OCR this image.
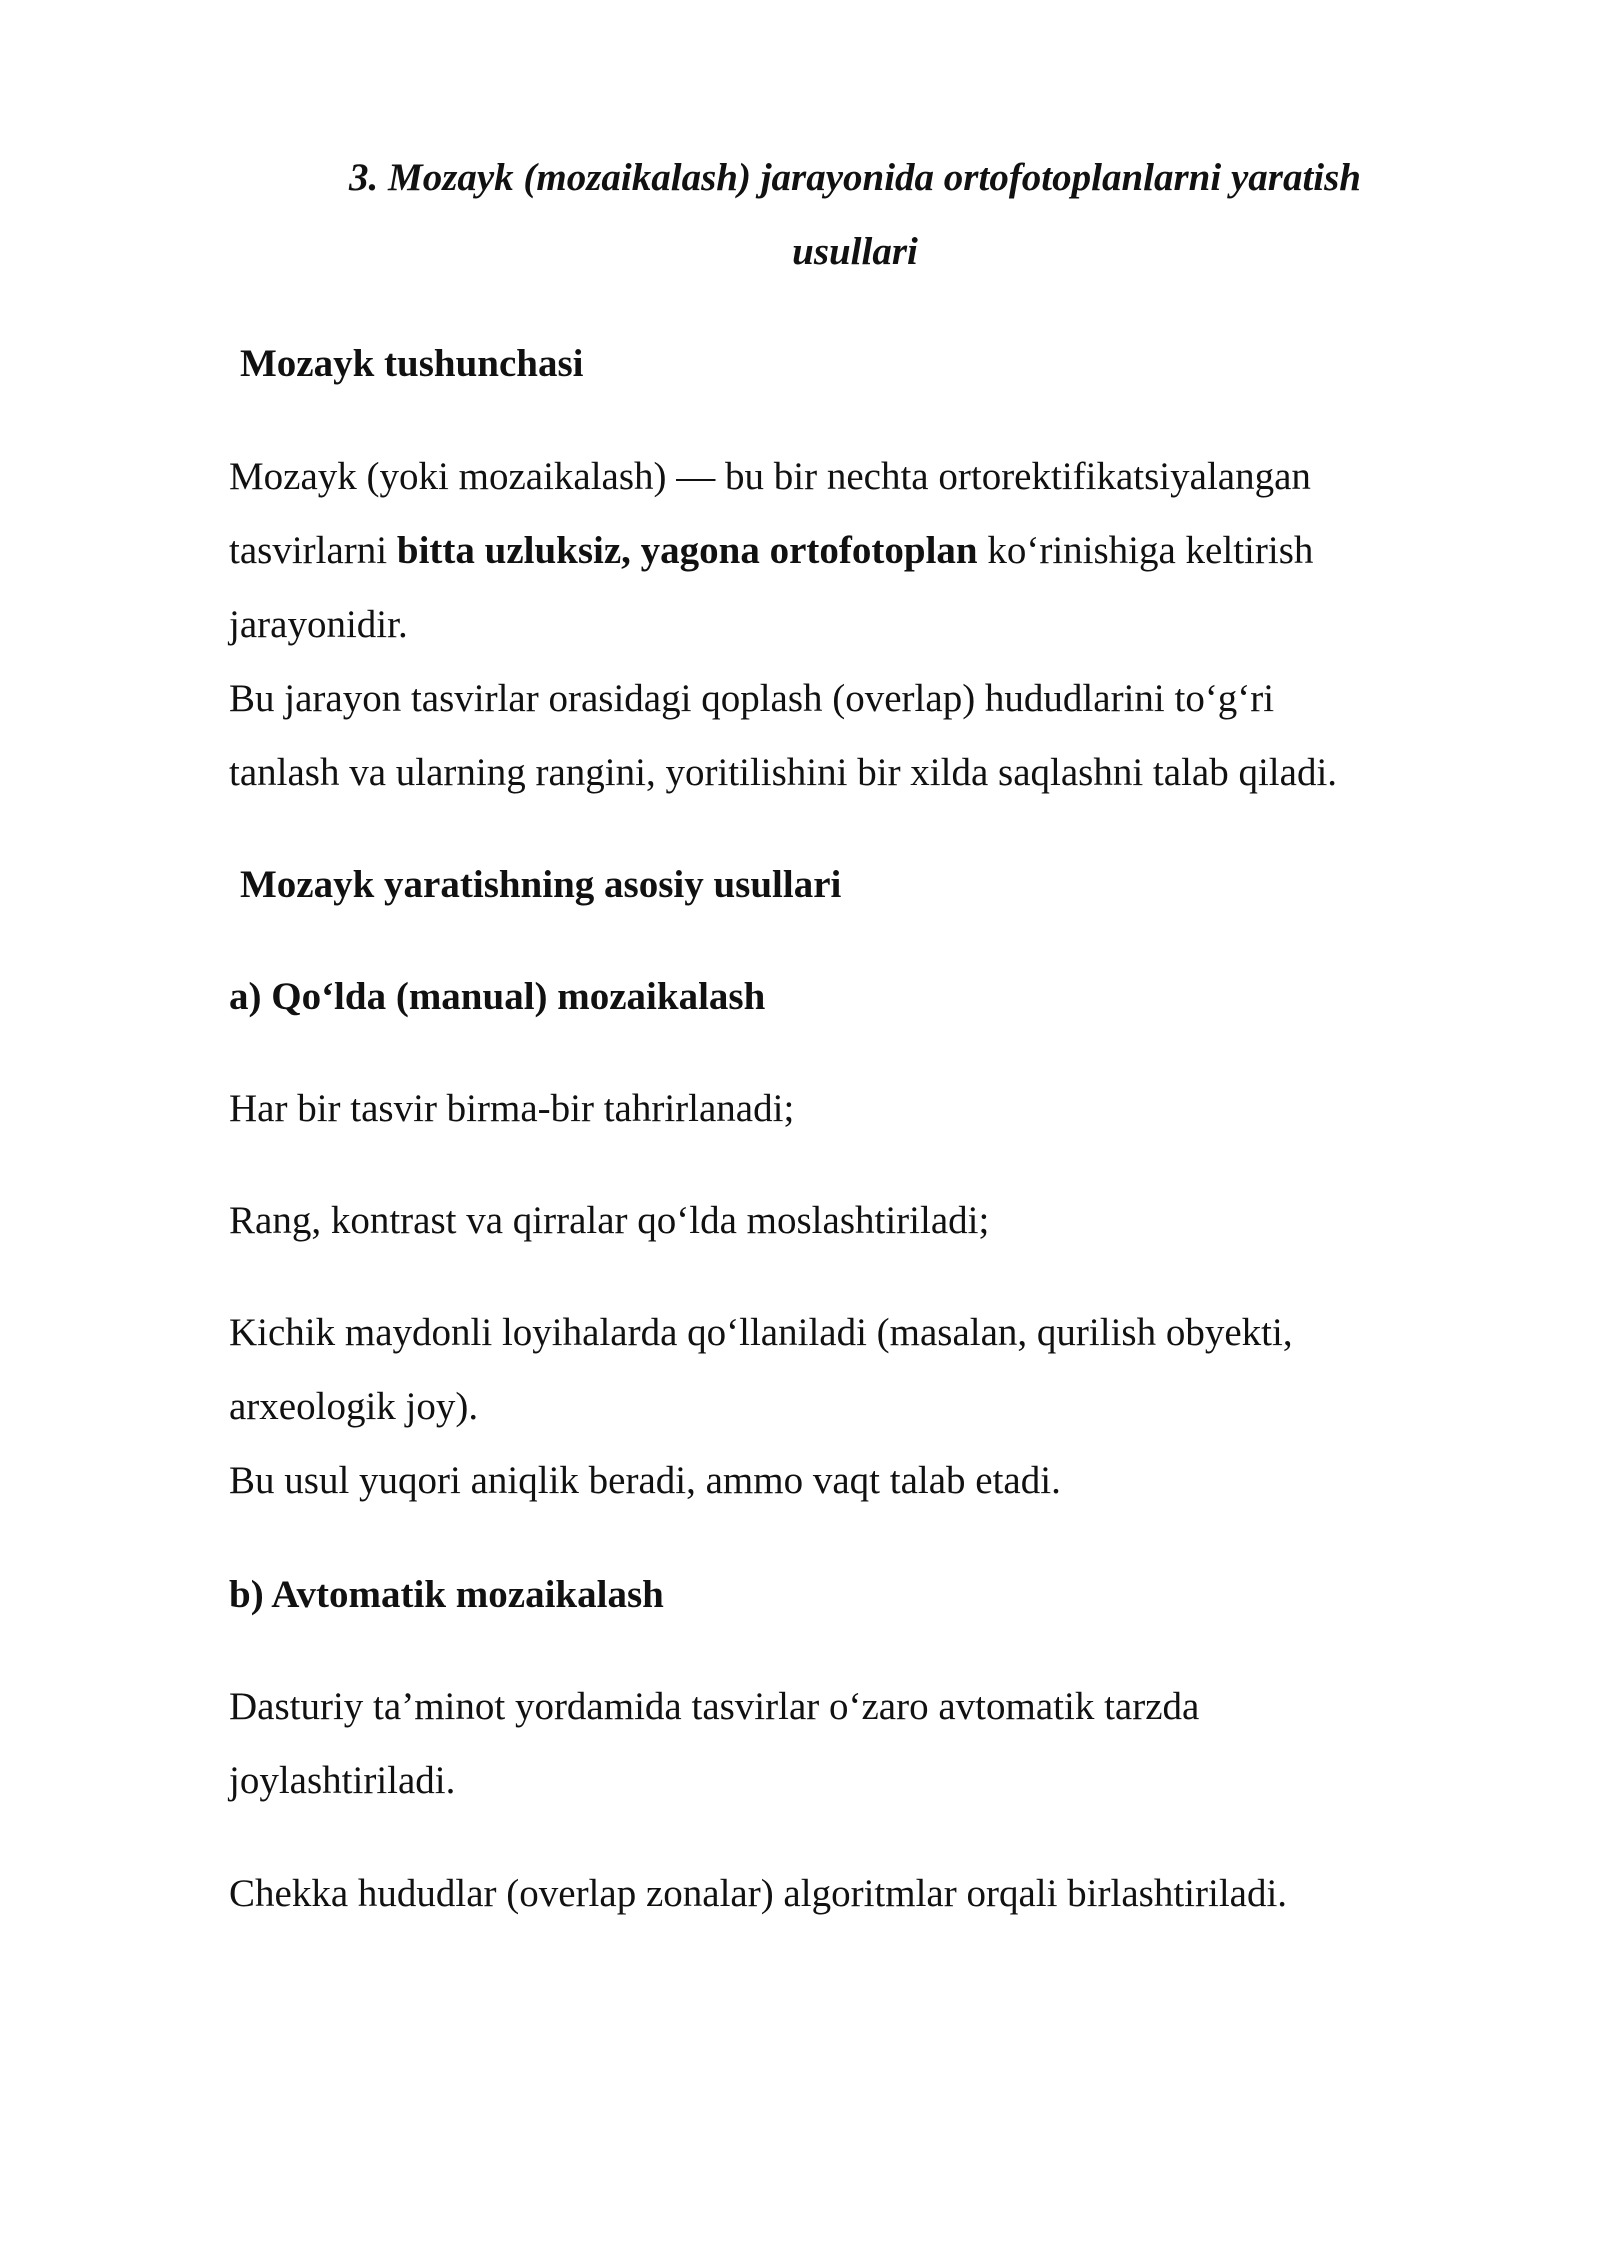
3. Mozayk (mozaikalash) jarayonida ortofotoplanlarni yaratish
usullari
Mozayk tushunchasi

Mozayk (yoki mozaikalash) — bu bir nechta ortorektifikatsiyalangan
tasvirlarni bitta uzluksiz, yagona ortofotoplan ko‘rinishiga keltirish
jarayonidir.
Bu jarayon tasvirlar orasidagi qoplash (overlap) hududlarini to‘g‘ri
tanlash va ularning rangini, yoritilishini bir xilda saqlashni talab qiladi.

Mozayk yaratishning asosiy usullari
a) Qo‘lda (manual) mozaikalash

Har bir tasvir birma-bir tahrirlanadi;

Rang, kontrast va qirralar qo‘lda moslashtiriladi;

Kichik maydonli loyihalarda qo‘llaniladi (masalan, qurilish obyekti,
arxeologik joy).
Bu usul yuqori aniqlik beradi, ammo vaqt talab etadi.

b) Avtomatik mozaikalash

Dasturiy ta’minot yordamida tasvirlar o‘zaro avtomatik tarzda
joylashtiriladi.

Chekka hududlar (overlap zonalar) algoritmlar orqali birlashtiriladi.
